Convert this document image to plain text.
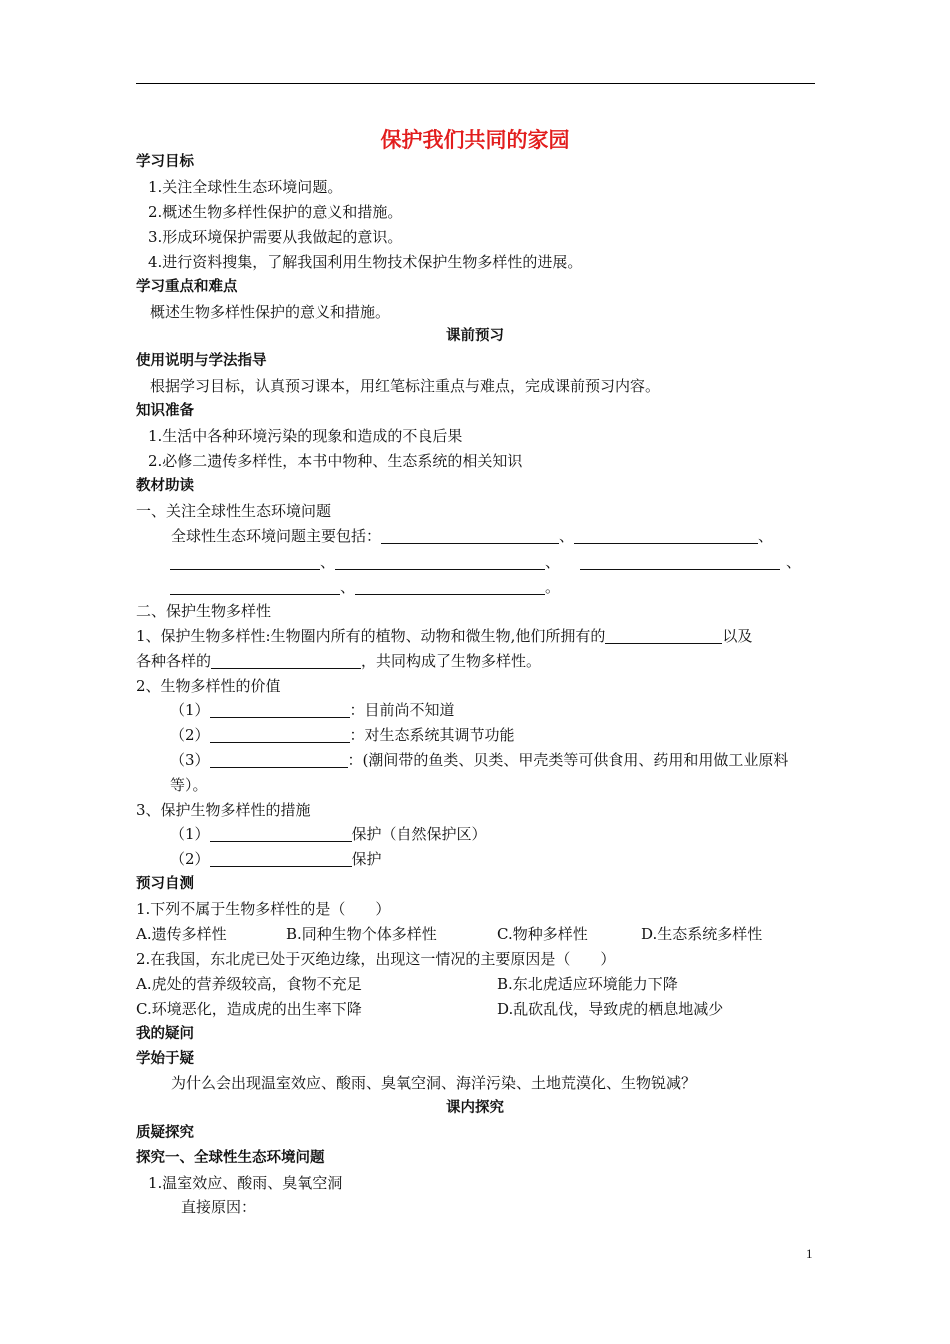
保护我们共同的家园
学习目标
1.关注全球性生态环境问题。
2.概述生物多样性保护的意义和措施。
3.形成环境保护需要从我做起的意识。
4.进行资料搜集，了解我国利用生物技术保护生物多样性的进展。
学习重点和难点
概述生物多样性保护的意义和措施。
课前预习
使用说明与学法指导
根据学习目标，认真预习课本，用红笔标注重点与难点，完成课前预习内容。
知识准备
1.生活中各种环境污染的现象和造成的不良后果
2.必修二遗传多样性，本书中物种、生态系统的相关知识
教材助读
一、关注全球性生态环境问题
全球性生态环境问题主要包括：	、	、
、	、	、
、	。
二、保护生物多样性
1、保护生物多样性:生物圈内所有的植物、动物和微生物,他们所拥有的	以及
各种各样的	，共同构成了生物多样性。
2、生物多样性的价值
（1）	：目前尚不知道
（2）	：对生态系统其调节功能
（3）	：(潮间带的鱼类、贝类、甲壳类等可供食用、药用和用做工业原料
等）。
3、保护生物多样性的措施
（1）	保护（自然保护区）
（2）	保护
预习自测
1.下列不属于生物多样性的是（　　）
A.遗传多样性	B.同种生物个体多样性	C.物种多样性	D.生态系统多样性
2.在我国，东北虎已处于灭绝边缘，出现这一情况的主要原因是（　　）
A.虎处的营养级较高，食物不充足	B.东北虎适应环境能力下降
C.环境恶化，造成虎的出生率下降	D.乱砍乱伐，导致虎的栖息地减少
我的疑问
学始于疑
为什么会出现温室效应、酸雨、臭氧空洞、海洋污染、土地荒漠化、生物锐减？
课内探究
质疑探究
探究一、全球性生态环境问题
1.温室效应、酸雨、臭氧空洞
直接原因：
1
